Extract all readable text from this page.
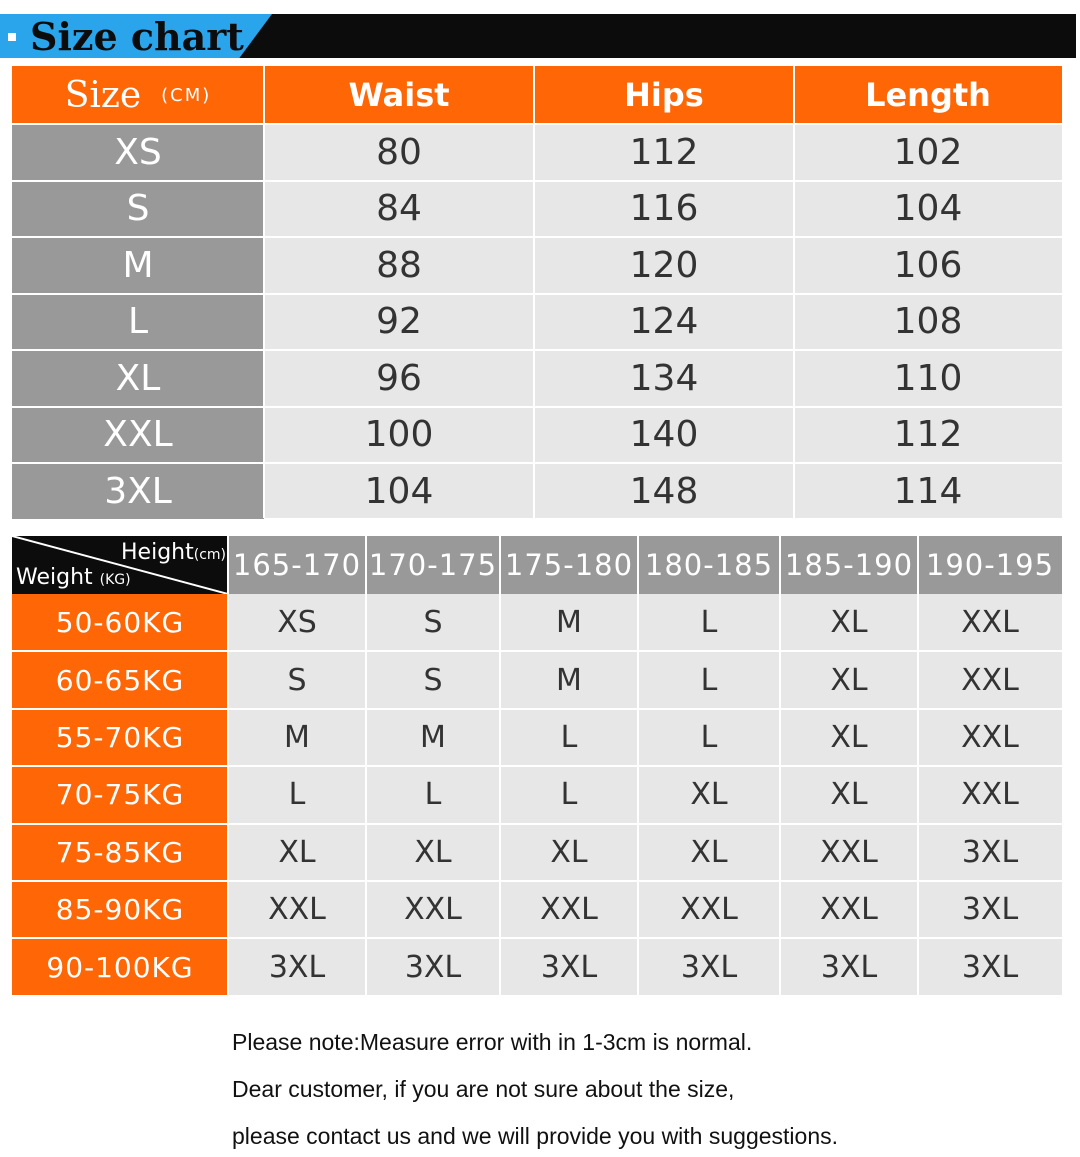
Size chart
Size (CM)	Waist	Hips	Length
XS	80	112	102
S	84	116	104
M	88	120	106
L	92	124	108
XL	96	134	110
XXL	100	140	112
3XL	104	148	114
Height(cm)
Weight (KG)	165-170 170-175 175-180 180-185 185-190 190-195
50-60KG	XS	S	M	L	XL	XXL
60-65KG	S	S	M	L	XL	XXL
55-70KG	M	M	L	L	XL	XXL
70-75KG	L	L	L	XL	XL	XXL
75-85KG	XL	XL	XL	XL	XXL	3XL
85-90KG	XXL	XXL	XXL	XXL	XXL	3XL
90-100KG	3XL	3XL	3XL	3XL	3XL	3XL
Please note:Measure error with in 1-3cm is normal.
Dear customer, if you are not sure about the size,
please contact us and we will provide you with suggestions.
